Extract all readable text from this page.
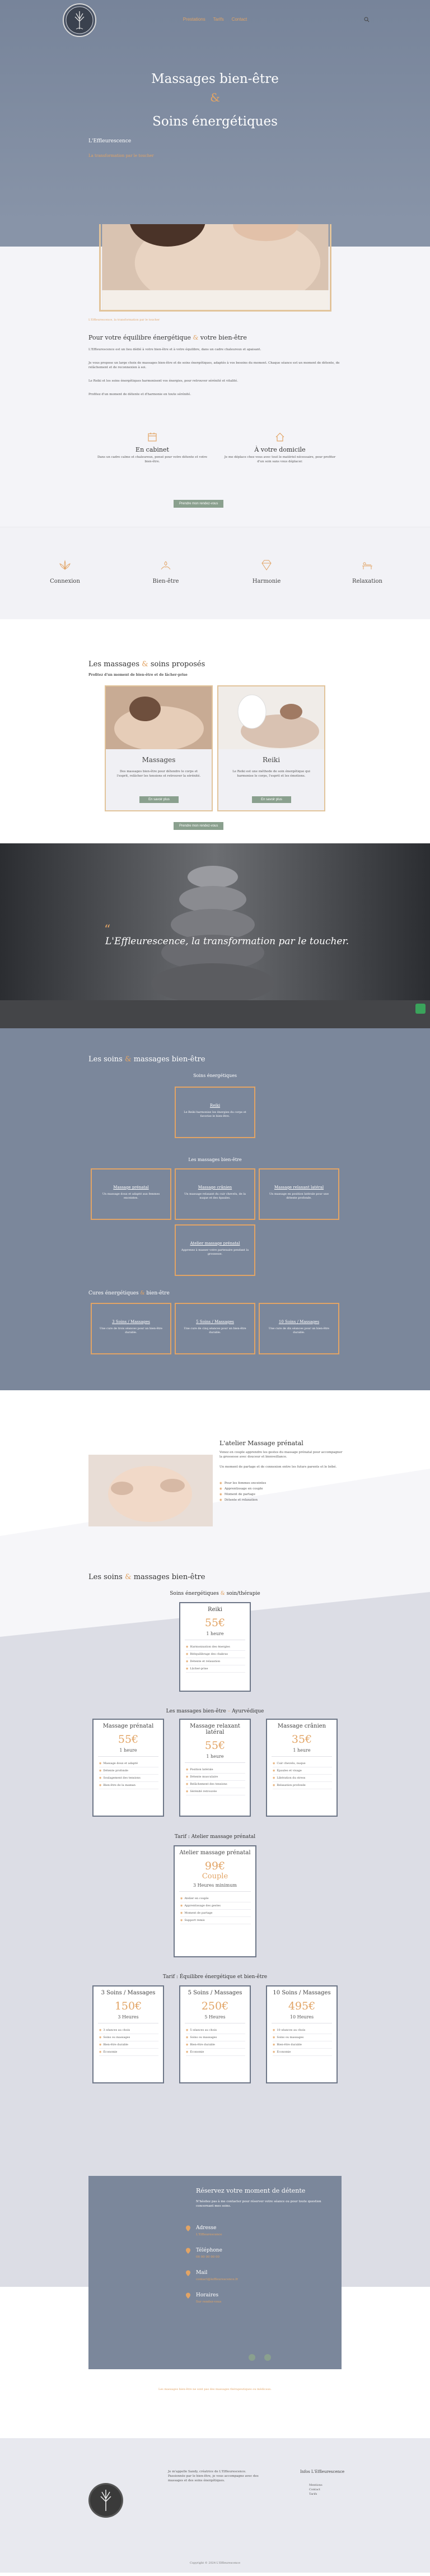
Prestations Tarifs Contact
Massages bien-être
&
Soins énergétiques
L'Effleurescence
La transformation par le toucher
L'Effleurescence, la transformation par le toucher
Pour votre équilibre énergétique & votre bien-être

L'Effleurescence est un lieu dédié à votre bien-être et à votre équilibre, dans un cadre chaleureux et apaisant.

Je vous propose un large choix de massages bien-être et de soins énergétiques, adaptés à vos besoins du moment. Chaque séance est un moment de détente, de relâchement et de reconnexion à soi.

Le Reiki et les soins énergétiques harmonisent vos énergies, pour retrouver sérénité et vitalité.

Profitez d'un moment de détente et d'harmonie en toute sérénité.

En cabinet
Dans un cadre calme et chaleureux, pensé pour votre détente et votre bien-être.
À votre domicile
Je me déplace chez vous avec tout le matériel nécessaire, pour profiter d'un soin sans vous déplacer.
Prendre mon rendez-vous
Connexion	Bien-être	Harmonie	Relaxation
Les massages & soins proposés
Profitez d'un moment de bien-être et de lâcher-prise
Massages
Des massages bien-être pour détendre le corps et l'esprit, relâcher les tensions et retrouver la sérénité.
En savoir plus
Reiki
Le Reiki est une méthode de soin énergétique qui harmonise le corps, l'esprit et les émotions.
En savoir plus
Prendre mon rendez-vous
“
L'Effleurescence, la transformation par le toucher.
Les soins & massages bien-être
Soins énergétiques
Reiki
Le Reiki harmonise les énergies du corps et favorise le bien-être.
Les massages bien-être
Massage prénatal
Un massage doux et adapté aux femmes enceintes.
Massage crânien
Un massage relaxant du cuir chevelu, de la nuque et des épaules.
Massage relaxant latéral
Un massage en position latérale pour une détente profonde.
Atelier massage prénatal
Apprenez à masser votre partenaire pendant la grossesse.
Cures énergétiques & bien-être
3 Soins / Massages
Une cure de trois séances pour un bien-être durable.
5 Soins / Massages
Une cure de cinq séances pour un bien-être durable.
10 Soins / Massages
Une cure de dix séances pour un bien-être durable.
L'atelier Massage prénatal

Venez en couple apprendre les gestes du massage prénatal pour accompagner la grossesse avec douceur et bienveillance.

Un moment de partage et de connexion entre les futurs parents et le bébé.

◉ Pour les femmes enceintes
◉ Apprentissage en couple
◉ Moment de partage
◉ Détente et relaxation
Les soins & massages bien-être
Soins énergétiques & soin/thérapie
Reiki
55€
1 heure
◉ Harmonisation des énergies
◉ Rééquilibrage des chakras
◉ Détente et relaxation
◉ Lâcher-prise
Les massages bien-être – Ayurvédique
Massage prénatal
55€
1 heure
◉ Massage doux et adapté
◉ Détente profonde
◉ Soulagement des tensions
◉ Bien-être de la maman
Massage relaxant latéral
55€
1 heure
◉ Position latérale
◉ Détente musculaire
◉ Relâchement des tensions
◉ Sérénité retrouvée
Massage crânien
35€
1 heure
◉ Cuir chevelu, nuque
◉ Épaules et visage
◉ Libération du stress
◉ Relaxation profonde
Tarif : Atelier massage prénatal
Atelier massage prénatal
99€
Couple
3 Heures minimum
◉ Atelier en couple
◉ Apprentissage des gestes
◉ Moment de partage
◉ Support remis
Tarif : Équilibre énergétique et bien-être
3 Soins / Massages
150€
3 Heures
◉ 3 séances au choix
◉ Soins ou massages
◉ Bien-être durable
◉ Économie
5 Soins / Massages
250€
5 Heures
◉ 5 séances au choix
◉ Soins ou massages
◉ Bien-être durable
◉ Économie
10 Soins / Massages
495€
10 Heures
◉ 10 séances au choix
◉ Soins ou massages
◉ Bien-être durable
◉ Économie
Réservez votre moment de détente
N'hésitez pas à me contacter pour réserver votre séance ou pour toute question concernant mes soins.
Adresse
L'Effleurescence
Téléphone
06 00 00 00 00
Mail
contact@leffleurescence.fr
Horaires
Sur rendez-vous
Les massages bien-être ne sont pas des massages thérapeutiques ou médicaux.
Je m'appelle Sandy, créatrice de L'Effleurescence. Passionnée par le bien-être, je vous accompagne avec des massages et des soins énergétiques.
Infos L'Effleurescence
Mentions
Contact
Tarifs
Copyright © 2024 L'Effleurescence
